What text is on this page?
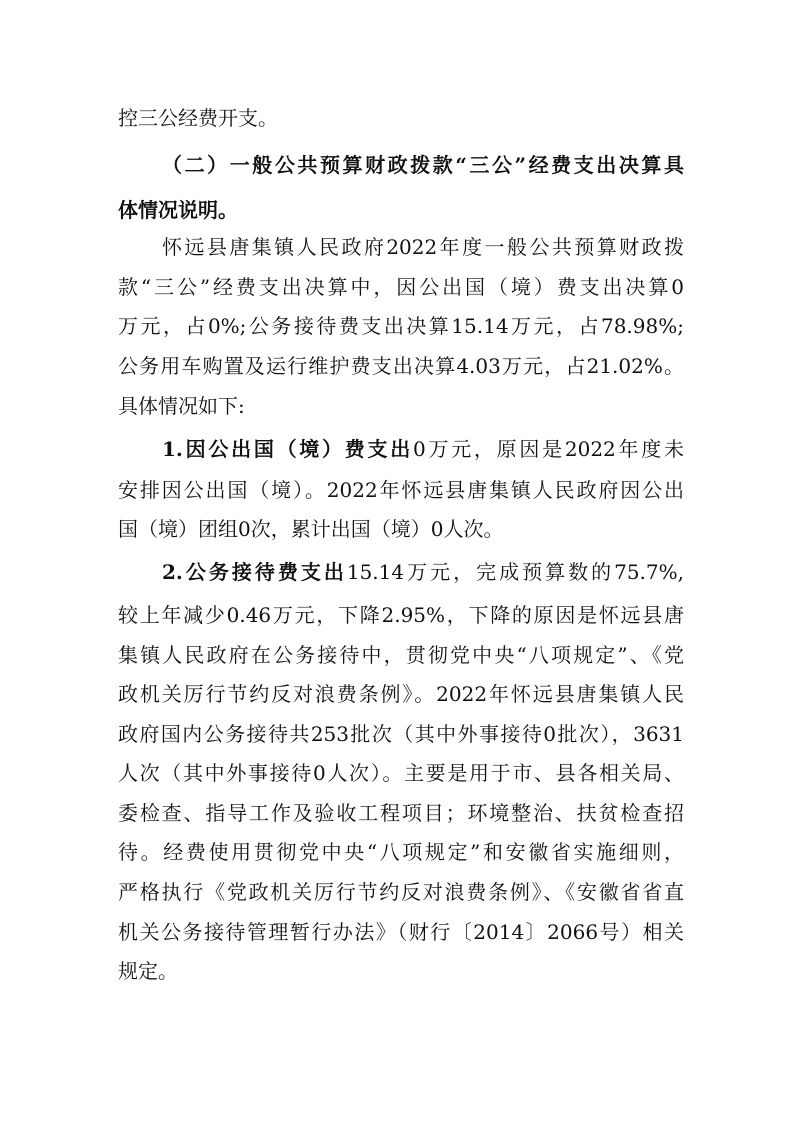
控三公经费开支。
（二）一般公共预算财政拨款“三公”经费支出决算具
体情况说明。
怀远县唐集镇人民政府2022年度一般公共预算财政拨
款“三公”经费支出决算中，因公出国（境）费支出决算0
万元，占0%;公务接待费支出决算15.14万元，占78.98%;
公务用车购置及运行维护费支出决算4.03万元，占21.02%。
具体情况如下:
1.因公出国（境）费支出0万元，原因是2022年度未
安排因公出国（境）。2022年怀远县唐集镇人民政府因公出
国（境）团组0次，累计出国（境）0人次。
2.公务接待费支出15.14万元，完成预算数的75.7%,
较上年减少0.46万元，下降2.95%，下降的原因是怀远县唐
集镇人民政府在公务接待中，贯彻党中央“八项规定”、《党
政机关厉行节约反对浪费条例》。2022年怀远县唐集镇人民
政府国内公务接待共253批次（其中外事接待0批次），3631
人次（其中外事接待0人次）。主要是用于市、县各相关局、
委检查、指导工作及验收工程项目；环境整治、扶贫检查招
待。经费使用贯彻党中央“八项规定”和安徽省实施细则，
严格执行《党政机关厉行节约反对浪费条例》、《安徽省省直
机关公务接待管理暂行办法》（财行〔2014〕2066号）相关
规定。
